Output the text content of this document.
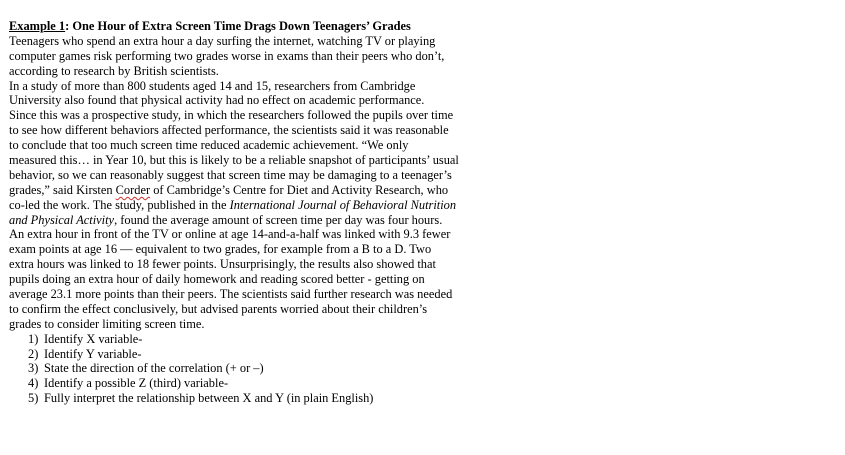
Example 1: One Hour of Extra Screen Time Drags Down Teenagers’ Grades
Teenagers who spend an extra hour a day surfing the internet, watching TV or playing
computer games risk performing two grades worse in exams than their peers who don’t,
according to research by British scientists.
In a study of more than 800 students aged 14 and 15, researchers from Cambridge
University also found that physical activity had no effect on academic performance.
Since this was a prospective study, in which the researchers followed the pupils over time
to see how different behaviors affected performance, the scientists said it was reasonable
to conclude that too much screen time reduced academic achievement. “We only
measured this… in Year 10, but this is likely to be a reliable snapshot of participants’ usual
behavior, so we can reasonably suggest that screen time may be damaging to a teenager’s
grades,” said Kirsten Corder of Cambridge’s Centre for Diet and Activity Research, who
co-led the work. The study, published in the International Journal of Behavioral Nutrition
and Physical Activity, found the average amount of screen time per day was four hours.
An extra hour in front of the TV or online at age 14-and-a-half was linked with 9.3 fewer
exam points at age 16 — equivalent to two grades, for example from a B to a D. Two
extra hours was linked to 18 fewer points. Unsurprisingly, the results also showed that
pupils doing an extra hour of daily homework and reading scored better - getting on
average 23.1 more points than their peers. The scientists said further research was needed
to confirm the effect conclusively, but advised parents worried about their children’s
grades to consider limiting screen time.
1) Identify X variable-
2) Identify Y variable-
3) State the direction of the correlation (+ or –)
4) Identify a possible Z (third) variable-
5) Fully interpret the relationship between X and Y (in plain English)
